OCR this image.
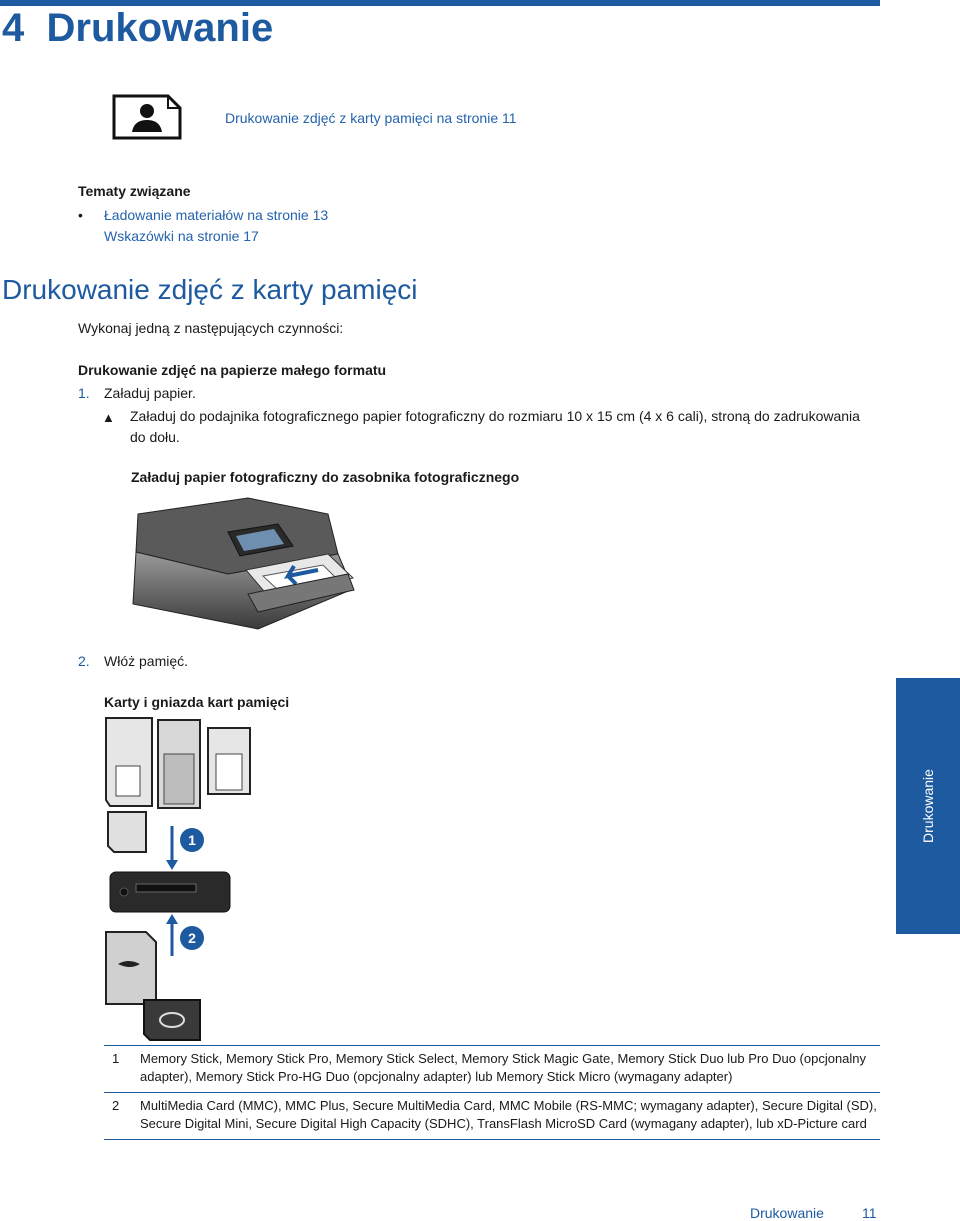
4 Drukowanie
Drukowanie zdjęć z karty pamięci na stronie 11
Tematy związane
• Ładowanie materiałów na stronie 13
Wskazówki na stronie 17
Drukowanie zdjęć z karty pamięci
Wykonaj jedną z następujących czynności:
Drukowanie zdjęć na papierze małego formatu
1. Załaduj papier.
▲ Załaduj do podajnika fotograficznego papier fotograficzny do rozmiaru 10 x 15 cm (4 x 6 cali), stroną do zadrukowania do dołu.
Załaduj papier fotograficzny do zasobnika fotograficznego
2. Włóż pamięć.
Karty i gniazda kart pamięci
1
2
Drukowanie
1	Memory Stick, Memory Stick Pro, Memory Stick Select, Memory Stick Magic Gate, Memory Stick Duo lub Pro Duo (opcjonalny adapter), Memory Stick Pro-HG Duo (opcjonalny adapter) lub Memory Stick Micro (wymagany adapter)
2	MultiMedia Card (MMC), MMC Plus, Secure MultiMedia Card, MMC Mobile (RS-MMC; wymagany adapter), Secure Digital (SD), Secure Digital Mini, Secure Digital High Capacity (SDHC), TransFlash MicroSD Card (wymagany adapter), lub xD-Picture card
Drukowanie	11
